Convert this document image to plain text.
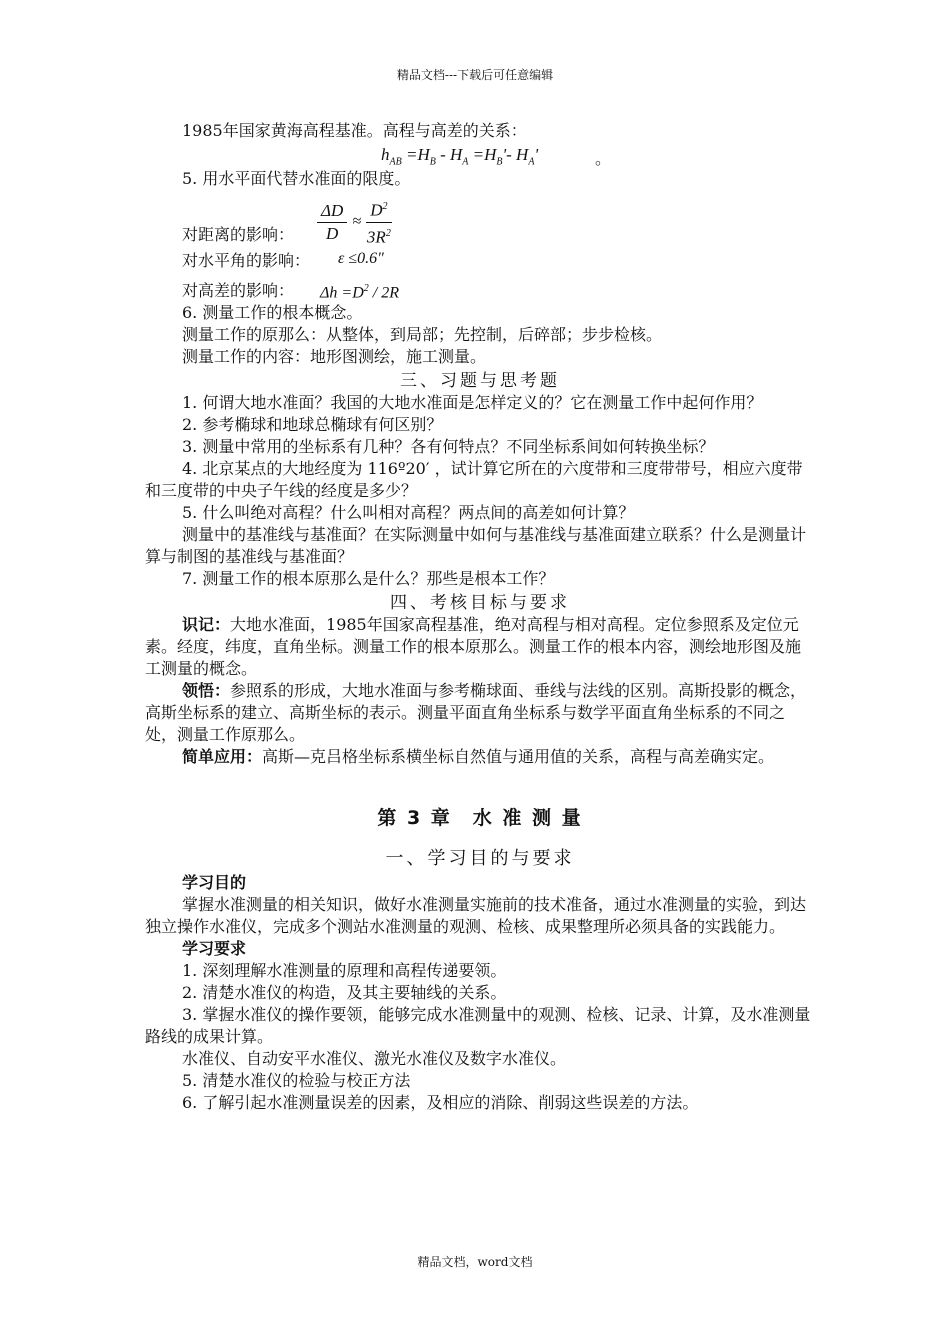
精品文档---下载后可任意编辑

1985年国家黄海高程基准。高程与高差的关系：

$h_{AB} =H_B - H_A =H_B'-$ $H_A'$	。

5. 用水平面代替水准面的限度。

对距离的影响： $\frac{\Delta D}{D} \approx \frac{D^2}{3R^2}$
对水平角的影响： ε ≤0.6"
对高差的影响： $\Delta h =D^2 / 2R$

6. 测量工作的根本概念。

测量工作的原那么：从整体，到局部；先控制，后碎部；步步检核。

测量工作的内容：地形图测绘，施工测量。

三、习题与思考题

1. 何谓大地水准面？我国的大地水准面是怎样定义的？它在测量工作中起何作用？

2. 参考椭球和地球总椭球有何区别？

3. 测量中常用的坐标系有几种？各有何特点？不同坐标系间如何转换坐标？

4. 北京某点的大地经度为 116º20′ ，试计算它所在的六度带和三度带带号，相应六度带和三度带的中央子午线的经度是多少？

5. 什么叫绝对高程？什么叫相对高程？两点间的高差如何计算？

测量中的基准线与基准面？在实际测量中如何与基准线与基准面建立联系？什么是测量计算与制图的基准线与基准面？

7. 测量工作的根本原那么是什么？那些是根本工作？

四、考核目标与要求

识记：大地水准面，1985年国家高程基准，绝对高程与相对高程。定位参照系及定位元素。经度，纬度，直角坐标。测量工作的根本原那么。测量工作的根本内容，测绘地形图及施工测量的概念。

领悟：参照系的形成，大地水准面与参考椭球面、垂线与法线的区别。高斯投影的概念，高斯坐标系的建立、高斯坐标的表示。测量平面直角坐标系与数学平面直角坐标系的不同之处，测量工作原那么。

简单应用：高斯—克吕格坐标系横坐标自然值与通用值的关系，高程与高差确实定。

第 3 章　水 准 测 量

一、学习目的与要求

学习目的

掌握水准测量的相关知识，做好水准测量实施前的技术准备，通过水准测量的实验，到达独立操作水准仪，完成多个测站水准测量的观测、检核、成果整理所必须具备的实践能力。

学习要求

1. 深刻理解水准测量的原理和高程传递要领。

2. 清楚水准仪的构造，及其主要轴线的关系。

3. 掌握水准仪的操作要领，能够完成水准测量中的观测、检核、记录、计算，及水准测量路线的成果计算。

水准仪、自动安平水准仪、激光水准仪及数字水准仪。

5. 清楚水准仪的检验与校正方法

6. 了解引起水准测量误差的因素，及相应的消除、削弱这些误差的方法。

精品文档，word文档
